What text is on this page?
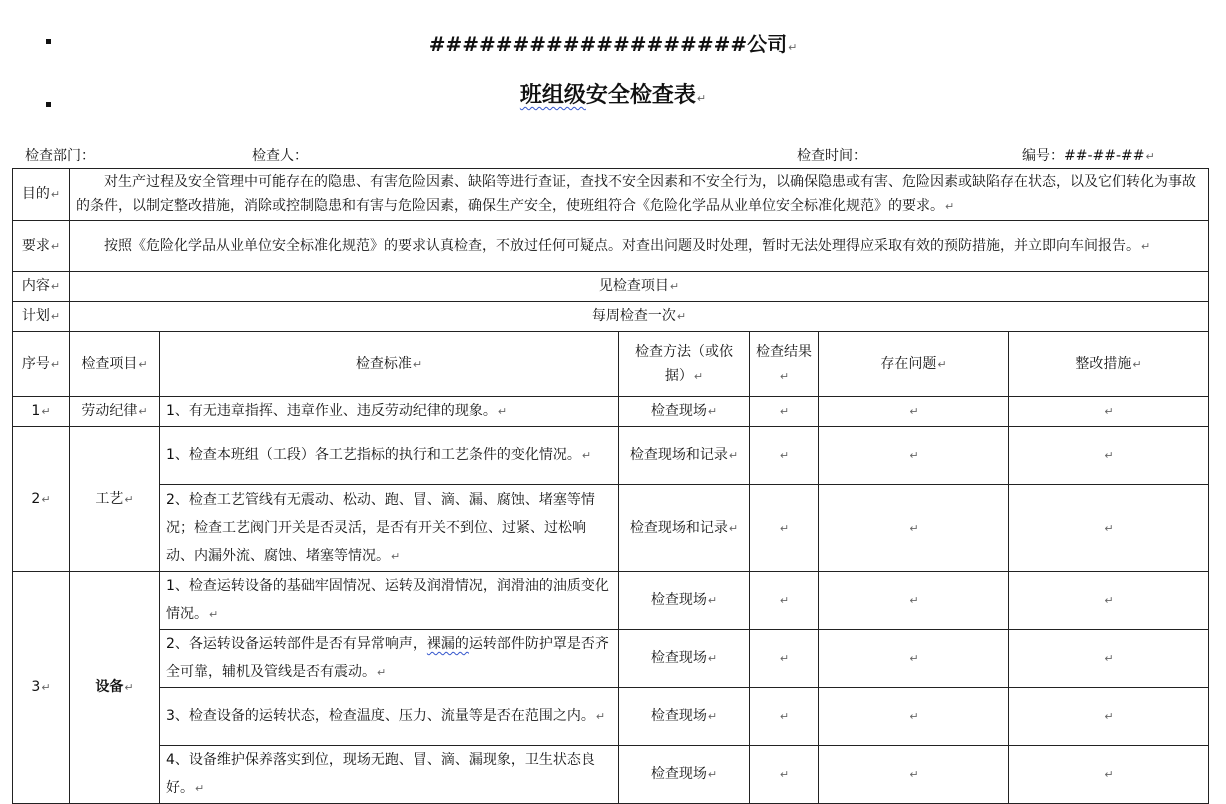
###################公司↵
班组级安全检查表↵
检查部门：	检查人：	检查时间：	编号：##-##-##↵
目的↵	对生产过程及安全管理中可能存在的隐患、有害危险因素、缺陷等进行查证，查找不安全因素和不安全行为，以确保隐患或有害、危险因素或缺陷存在状态，以及它们转化为事故的条件，以制定整改措施，消除或控制隐患和有害与危险因素，确保生产安全，使班组符合《危险化学品从业单位安全标准化规范》的要求。↵					
要求↵	按照《危险化学品从业单位安全标准化规范》的要求认真检查，不放过任何可疑点。对查出问题及时处理，暂时无法处理得应采取有效的预防措施，并立即向车间报告。↵					
内容↵	见检查项目↵					
计划↵	每周检查一次↵					
序号↵	检查项目↵	检查标准↵	检查方法（或依据）↵	检查结果↵	存在问题↵	整改措施↵
1↵	劳动纪律↵	1、有无违章指挥、违章作业、违反劳动纪律的现象。↵	检查现场↵	↵	↵	↵
2↵	工艺↵	1、检查本班组（工段）各工艺指标的执行和工艺条件的变化情况。↵	检查现场和记录↵	↵	↵	↵
		2、检查工艺管线有无震动、松动、跑、冒、滴、漏、腐蚀、堵塞等情况；检查工艺阀门开关是否灵活，是否有开关不到位、过紧、过松响动、内漏外流、腐蚀、堵塞等情况。↵	检查现场和记录↵	↵	↵	↵
3↵	设备↵	1、检查运转设备的基础牢固情况、运转及润滑情况，润滑油的油质变化情况。↵	检查现场↵	↵	↵	↵
		2、各运转设备运转部件是否有异常响声，裸漏的运转部件防护罩是否齐全可靠，辅机及管线是否有震动。↵	检查现场↵	↵	↵	↵
		3、检查设备的运转状态，检查温度、压力、流量等是否在范围之内。↵	检查现场↵	↵	↵	↵
		4、设备维护保养落实到位，现场无跑、冒、滴、漏现象，卫生状态良好。↵	检查现场↵	↵	↵	↵
